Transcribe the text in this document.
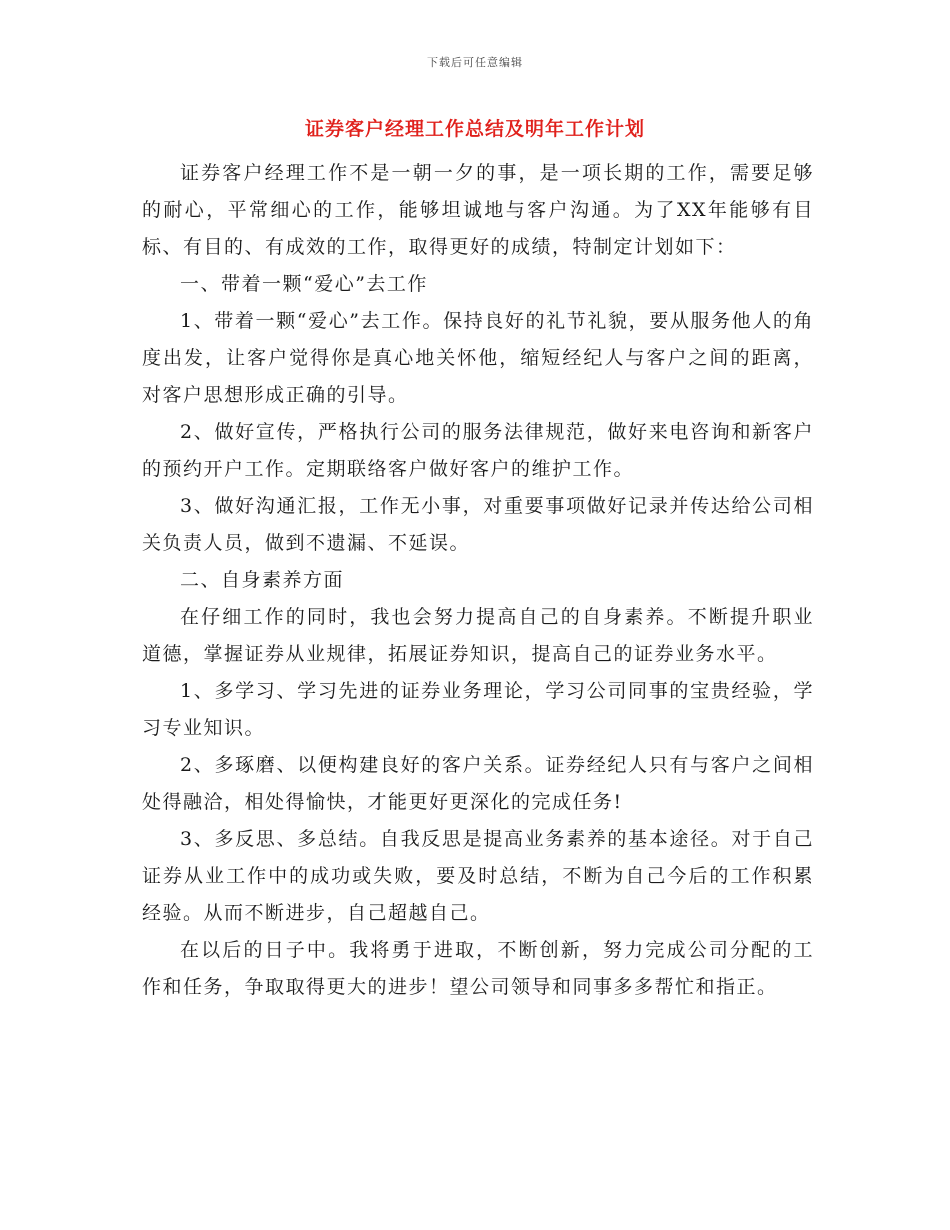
下载后可任意编辑
证券客户经理工作总结及明年工作计划

证券客户经理工作不是一朝一夕的事，是一项长期的工作，需要足够的耐心，平常细心的工作，能够坦诚地与客户沟通。为了XX年能够有目标、有目的、有成效的工作，取得更好的成绩，特制定计划如下：

一、带着一颗“爱心”去工作

1、带着一颗“爱心”去工作。保持良好的礼节礼貌，要从服务他人的角度出发，让客户觉得你是真心地关怀他，缩短经纪人与客户之间的距离，对客户思想形成正确的引导。

2、做好宣传，严格执行公司的服务法律规范，做好来电咨询和新客户的预约开户工作。定期联络客户做好客户的维护工作。

3、做好沟通汇报，工作无小事，对重要事项做好记录并传达给公司相关负责人员，做到不遗漏、不延误。

二、自身素养方面

在仔细工作的同时，我也会努力提高自己的自身素养。不断提升职业道德，掌握证券从业规律，拓展证券知识，提高自己的证券业务水平。

1、多学习、学习先进的证券业务理论，学习公司同事的宝贵经验，学习专业知识。

2、多琢磨、以便构建良好的客户关系。证券经纪人只有与客户之间相处得融洽，相处得愉快，才能更好更深化的完成任务!

3、多反思、多总结。自我反思是提高业务素养的基本途径。对于自己证券从业工作中的成功或失败，要及时总结，不断为自己今后的工作积累经验。从而不断进步，自己超越自己。

在以后的日子中。我将勇于进取，不断创新，努力完成公司分配的工作和任务，争取取得更大的进步！望公司领导和同事多多帮忙和指正。
